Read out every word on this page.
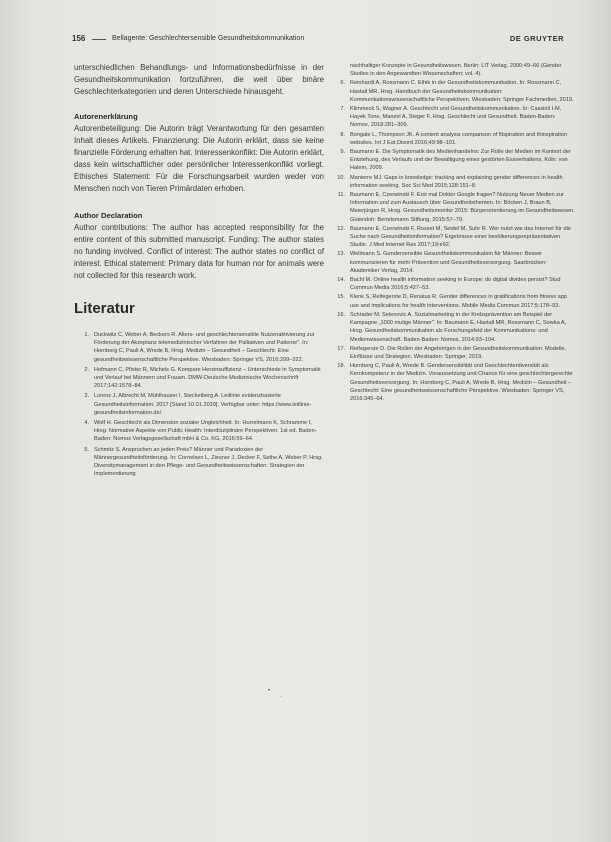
156	Bellagente: Geschlechtersensible Gesundheitskommunikation	DE GRUYTER

unterschiedlichen Behandlungs- und Informationsbedürfnisse in der Gesundheitskommunikation fortzuführen, die weit über binäre Geschlechterkategorien und deren Unterschiede hinausgeht.

Autorenerklärung

Autorenbeteiligung: Die Autorin trägt Verantwortung für den gesamten Inhalt dieses Artikels. Finanzierung: Die Autorin erklärt, dass sie keine finanzielle Förderung erhalten hat. Interessenkonflikt: Die Autorin erklärt, dass kein wirtschaftlicher oder persönlicher Interessenkonflikt vorliegt. Ethisches Statement: Für die Forschungsarbeit wurden weder von Menschen noch von Tieren Primärdaten erhoben.

Author Declaration

Author contributions: The author has accepted responsibility for the entire content of this submitted manuscript. Funding: The author states no funding involved. Conflict of interest: The author states no conflict of interest. Ethical statement: Primary data for human nor for animals were not collected for this research work.

Literatur
1. Duckwitz C, Weber A, Beckers R. Alters- und geschlechtersensible Nutzenaktivierung zur Förderung der Akzeptanz telemedizinischer Verfahren der Palliativen und Patiente". In: Hornberg C, Pauli A, Wrede B, Hrsg. Medizin – Gesundheit – Geschlecht: Eine gesundheitswissenschaftliche Perspektive. Wiesbaden: Springer VS, 2016:299–322.
2. Hofmann C, Pfister R, Michels G. Kompare Herzinsuffizienz – Unterschiede in Symptomatik und Verlauf bei Männern und Frauen. DMW-Deutsche Medizinische Wochenschrift 2017;142:1578–84.
3. Lorenz J, Albrecht M, Mühlhauser I, Steckelberg A. Leitlinie evidenzbasierte Gesundheitsinformation. 2017 [Stand 10.01.2019]. Verfügbar unter: https://www.leitlinie-gesundheitsinformation.de/.
4. Wolf H. Geschlecht als Dimension sozialer Ungleichheit. In: Hurrelmann K, Schramme I, Hrsg. Normative Aspekte von Public Health: Interdisziplinäre Perspektiven. 1st ed. Baden-Baden: Nomos Verlagsgesellschaft mbH & Co. KG, 2016:59–64.
5. Schmitz S. Anspruchen an jeden Preis? Männer und Paradoxien der Männergesundheitsförderung. In: Cornelsen L, Ziesner J, Decker F, Sethe A, Weber P, Hrsg. Diversitymanagement in den Pflege- und Gesundheitswissenschaften: Strategien der Implementierung
nachhaltiger Konzepte in Gesundheitswesen. Berlin: LIT Verlag, 2000:49–66 (Gender Studies in den Angewandten Wissenschaften; vol. 4).
6. Reinhardt A, Rossmann C. Ethik in der Gesundheitskommunikation. In: Rossmann C, Hastall MR, Hrsg. Handbuch der Gesundheitskommunikation: Kommunikationswissenschaftliche Perspektiven. Wiesbaden: Springer Fachmedien, 2019.
7. Klimmeck S, Wagner A. Geschlecht und Gesundheitskommunikation. In: Cassioli I-M, Hayek Tone, Manzel A, Steger F, Hrsg. Geschlecht und Gesundheit. Baden-Baden: Nomos, 2018:281–309.
8. Bongale L, Thompson JK. A content analysis comparison of fitspiration and thinspiration websites. Int J Eat Disord 2016;49:98–101.
9. Baumann E. Die Symptomatik des Medienhandelns: Zur Rolle der Medien im Kontext der Entstehung, des Verlaufs und der Bewältigung eines gestörten Essverhaltens. Köln: von Halem, 2009.
10. Manierre MJ. Gaps in knowledge: tracking and explaining gender differences in health information seeking. Soc Sci Med 2015;128:151–8.
11. Baumann E, Czerwinski F. Erst mal Doktor Google fragen? Nutzung Neuer Medien zur Information und zum Austausch über Gesundheitsthemen. In: Böcken J, Braun B, Meierjürgen R, Hrsg. Gesundheitsmonitor 2015: Bürgerorientierung im Gesundheitswesen. Gütersloh: Bertelsmann Stiftung, 2015:57–79.
12. Baumann E, Czerwinski F, Rosset M, Seidel M, Suhr R. Wer nutzt wie das Internet für die Suche nach Gesundheitsinformation? Ergebnisse einer bevölkerungsrepräsentativen Studie. J Med Internet Res 2017;19:e92.
13. Wellmann S. Gendersensible Gesundheitskommunikation für Männer: Besser kommunizieren für mehr Prävention und Gesundheitsversorgung. Saarbrücken: Akademiker Verlag, 2014.
14. Bachl M. Online health information seeking in Europe: do digital divides persist? Stud Commun Media 2016;5:427–53.
15. Klenk S, Reifegerste D, Renatus R. Gender differences in gratifications from fitness app use and implications for health interventions. Mobile Media Commun 2017;5:178–93.
16. Schrader M, Selenovic A. Sozialmarketing in der Krebsprävention am Beispiel der Kampagne „1000 mutige Männer". In: Baumann E, Hastall MR, Rossmann C, Sowka A, Hrsg. Gesundheitskommunikation als Forschungsfeld der Kommunikations- und Medienwissenschaft. Baden-Baden: Nomos, 2014:93–104.
17. Reifegerste D. Die Rollen der Angehörigen in der Gesundheitskommunikation: Modelle, Einflüsse und Strategien. Wiesbaden: Springer, 2019.
18. Hornberg C, Pauli A, Wrede B. Gendersensibilität und Geschlechterdiversität als Kernkompetenz in der Medizin. Voraussetzung und Chance für eine geschlechtergerechte Gesundheitsversorgung. In: Hornberg C, Pauli A, Wrede B, Hrsg. Medizin – Gesundheit – Geschlecht: Eine gesundheitswissenschaftliche Perspektive. Wiesbaden: Springer VS, 2016:345–64.
•
·
